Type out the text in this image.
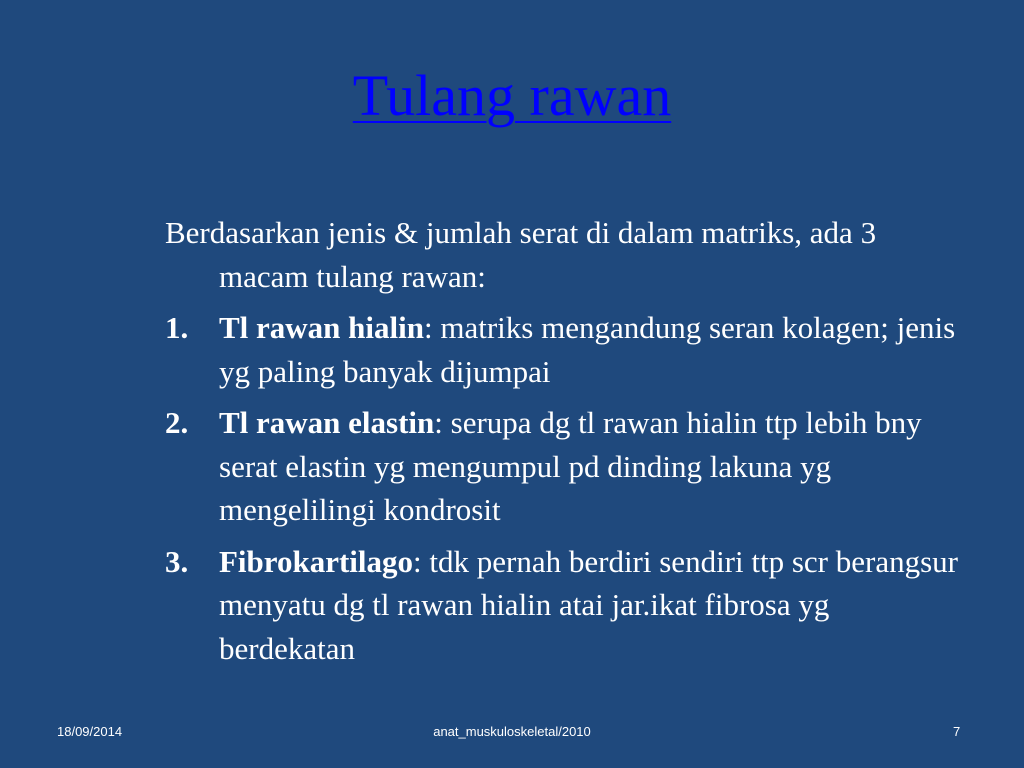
Tulang rawan

Berdasarkan jenis & jumlah serat di dalam matriks, ada 3 macam tulang rawan:

1. Tl rawan hialin: matriks mengandung seran kolagen; jenis yg paling banyak dijumpai
2. Tl rawan elastin: serupa dg tl rawan hialin ttp lebih bny serat elastin yg mengumpul pd dinding lakuna yg mengelilingi kondrosit
3. Fibrokartilago: tdk pernah berdiri sendiri ttp scr berangsur menyatu dg tl rawan hialin atai jar.ikat fibrosa yg berdekatan
18/09/2014	anat_muskuloskeletal/2010	7
